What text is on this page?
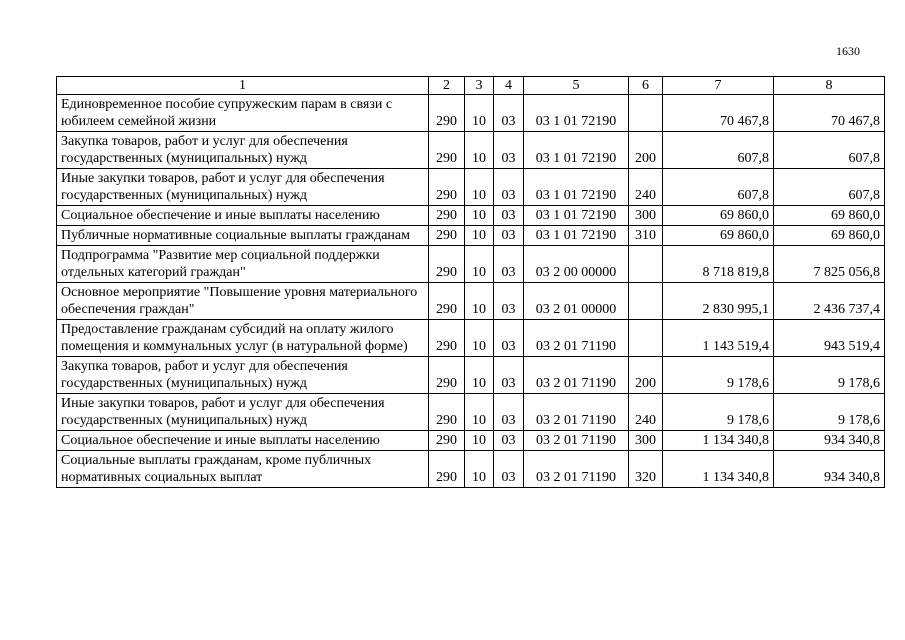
1630
1	2	3	4	5	6	7	8
Единовременное пособие супружеским парам в связи с юбилеем семейной жизни	290	10	03	03 1 01 72190		70 467,8	70 467,8
Закупка товаров, работ и услуг для обеспечения государственных (муниципальных) нужд	290	10	03	03 1 01 72190	200	607,8	607,8
Иные закупки товаров, работ и услуг для обеспечения государственных (муниципальных) нужд	290	10	03	03 1 01 72190	240	607,8	607,8
Социальное обеспечение и иные выплаты населению	290	10	03	03 1 01 72190	300	69 860,0	69 860,0
Публичные нормативные социальные выплаты гражданам	290	10	03	03 1 01 72190	310	69 860,0	69 860,0
Подпрограмма "Развитие мер социальной поддержки отдельных категорий граждан"	290	10	03	03 2 00 00000		8 718 819,8	7 825 056,8
Основное мероприятие "Повышение уровня материального обеспечения граждан"	290	10	03	03 2 01 00000		2 830 995,1	2 436 737,4
Предоставление гражданам субсидий на оплату жилого помещения и коммунальных услуг (в натуральной форме)	290	10	03	03 2 01 71190		1 143 519,4	943 519,4
Закупка товаров, работ и услуг для обеспечения государственных (муниципальных) нужд	290	10	03	03 2 01 71190	200	9 178,6	9 178,6
Иные закупки товаров, работ и услуг для обеспечения государственных (муниципальных) нужд	290	10	03	03 2 01 71190	240	9 178,6	9 178,6
Социальное обеспечение и иные выплаты населению	290	10	03	03 2 01 71190	300	1 134 340,8	934 340,8
Социальные выплаты гражданам, кроме публичных нормативных социальных выплат	290	10	03	03 2 01 71190	320	1 134 340,8	934 340,8
